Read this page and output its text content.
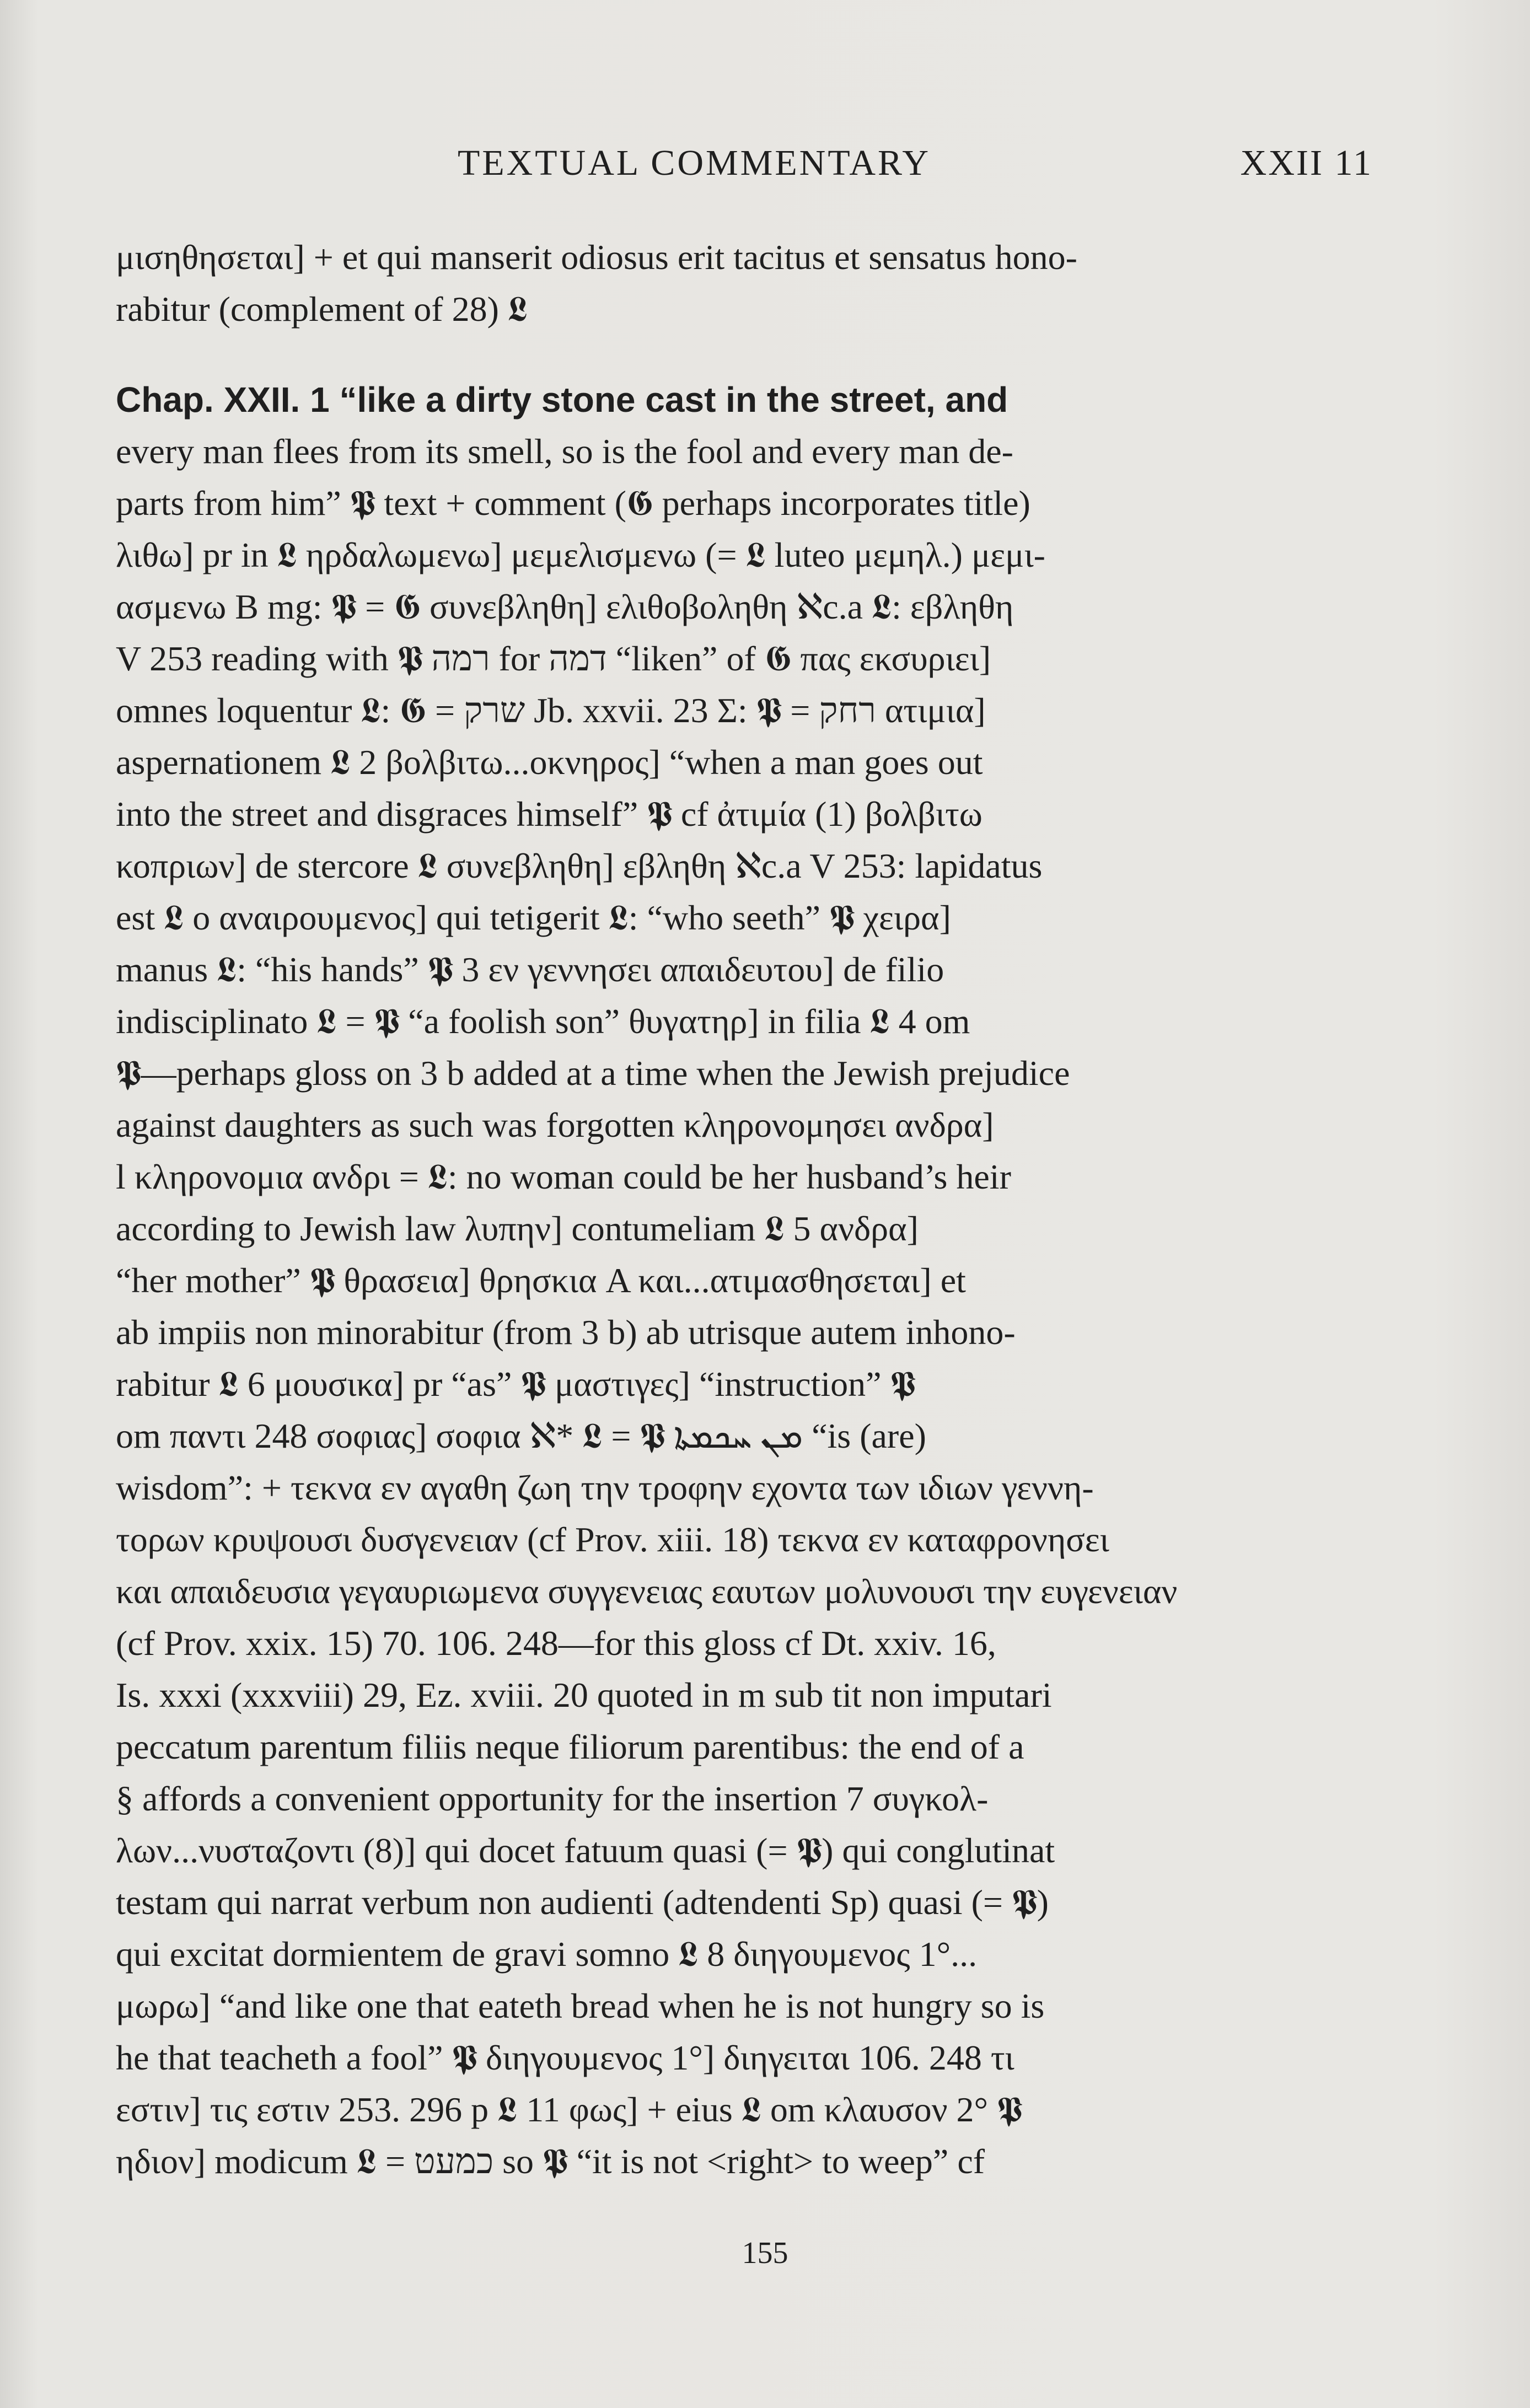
TEXTUAL COMMENTARY	XXII 11
μισηθησεται] + et qui manserit odiosus erit tacitus et sensatus hono-
rabitur (complement of 28) 𝕷
Chap. XXII. 1 “like a dirty stone cast in the street, and
every man flees from its smell, so is the fool and every man de-
parts from him” 𝕻 text + comment (𝕲 perhaps incorporates title)
λιθω] pr in 𝕷 ηρδαλωμενω] μεμελισμενω (= 𝕷 luteo μεμηλ.) μεμι-
ασμενω B mg: 𝕻 = 𝕲 συνεβληθη] ελιθοβοληθη ℵc.a 𝕷: εβληθη
V 253 reading with 𝕻 רמה for דמה “liken” of 𝕲 πας εκσυριει]
omnes loquentur 𝕷: 𝕲 = שרק Jb. xxvii. 23 Σ: 𝕻 = רחק ατιμια]
aspernationem 𝕷 2 βολβιτω...οκνηρος] “when a man goes out
into the street and disgraces himself” 𝕻 cf ἀτιμία (1) βολβιτω
κοπριων] de stercore 𝕷 συνεβληθη] εβληθη ℵc.a V 253: lapidatus
est 𝕷 ο αναιρουμενος] qui tetigerit 𝕷: “who seeth” 𝕻 χειρα]
manus 𝕷: “his hands” 𝕻 3 εν γεννησει απαιδευτου] de filio
indisciplinato 𝕷 = 𝕻 “a foolish son” θυγατηρ] in filia 𝕷 4 om
𝕻—perhaps gloss on 3 b added at a time when the Jewish prejudice
against daughters as such was forgotten κληρονομησει ανδρα]
l κληρονομια ανδρι = 𝕷: no woman could be her husband’s heir
according to Jewish law λυπην] contumeliam 𝕷 5 ανδρα]
“her mother” 𝕻 θρασεια] θρησκια A και...ατιμασθησεται] et
ab impiis non minorabitur (from 3 b) ab utrisque autem inhono-
rabitur 𝕷 6 μουσικα] pr “as” 𝕻 μαστιγες] “instruction” 𝕻
om παντι 248 σοφιας] σοφια ℵ* 𝕷 = 𝕻 ܡܢ ܚܟܡܬܐ “is (are)
wisdom”: + τεκνα εν αγαθη ζωη την τροφην εχοντα των ιδιων γεννη-
τορων κρυψουσι δυσγενειαν (cf Prov. xiii. 18) τεκνα εν καταφρονησει
και απαιδευσια γεγαυριωμενα συγγενειας εαυτων μολυνουσι την ευγενειαν
(cf Prov. xxix. 15) 70. 106. 248—for this gloss cf Dt. xxiv. 16,
Is. xxxi (xxxviii) 29, Ez. xviii. 20 quoted in m sub tit non imputari
peccatum parentum filiis neque filiorum parentibus: the end of a
§ affords a convenient opportunity for the insertion 7 συγκολ-
λων...νυσταζοντι (8)] qui docet fatuum quasi (= 𝕻) qui conglutinat
testam qui narrat verbum non audienti (adtendenti Sp) quasi (= 𝕻)
qui excitat dormientem de gravi somno 𝕷 8 διηγουμενος 1°...
μωρω] “and like one that eateth bread when he is not hungry so is
he that teacheth a fool” 𝕻 διηγουμενος 1°] διηγειται 106. 248 τι
εστιν] τις εστιν 253. 296 p 𝕷 11 φως] + eius 𝕷 om κλαυσον 2° 𝕻
ηδιον] modicum 𝕷 = כמעט so 𝕻 “it is not <right> to weep” cf
155
